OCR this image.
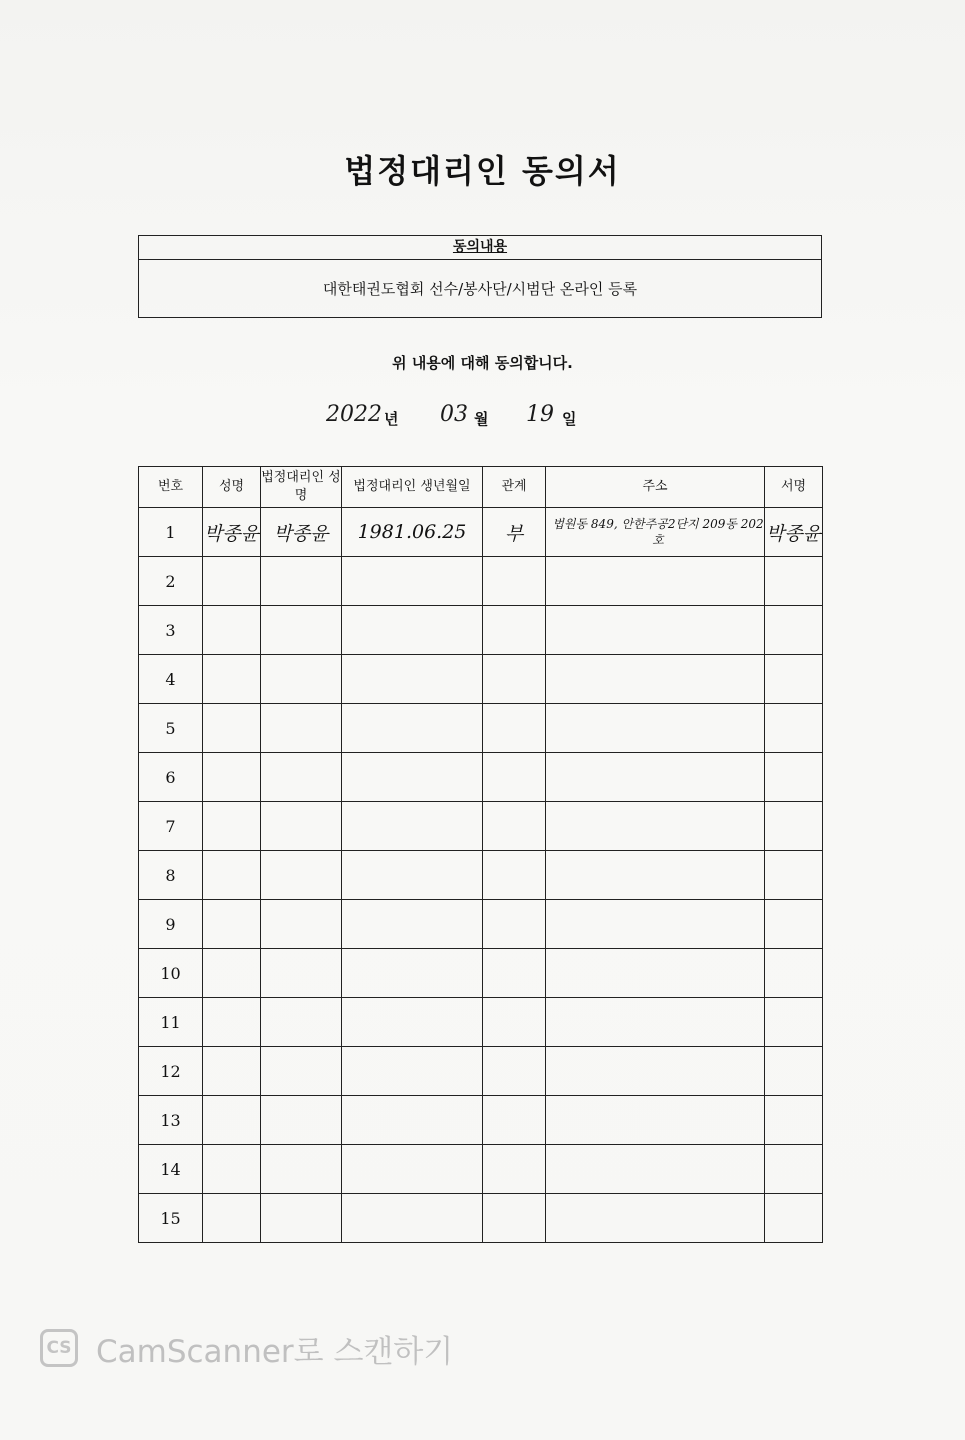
법정대리인 동의서
동의내용
대한태권도협회 선수/봉사단/시범단 온라인 등록
위 내용에 대해 동의합니다.
2022 년 03 월 19 일
번호	성명	법정대리인 성명	법정대리인 생년월일	관계	주소	서명
1	박종윤	박종윤	1981.06.25	부	법원동 849, 안한주공2단지 209동 202호	박종윤
2						
3						
4						
5						
6						
7						
8						
9						
10						
11						
12						
13						
14						
15						
CS CamScanner로 스캔하기
